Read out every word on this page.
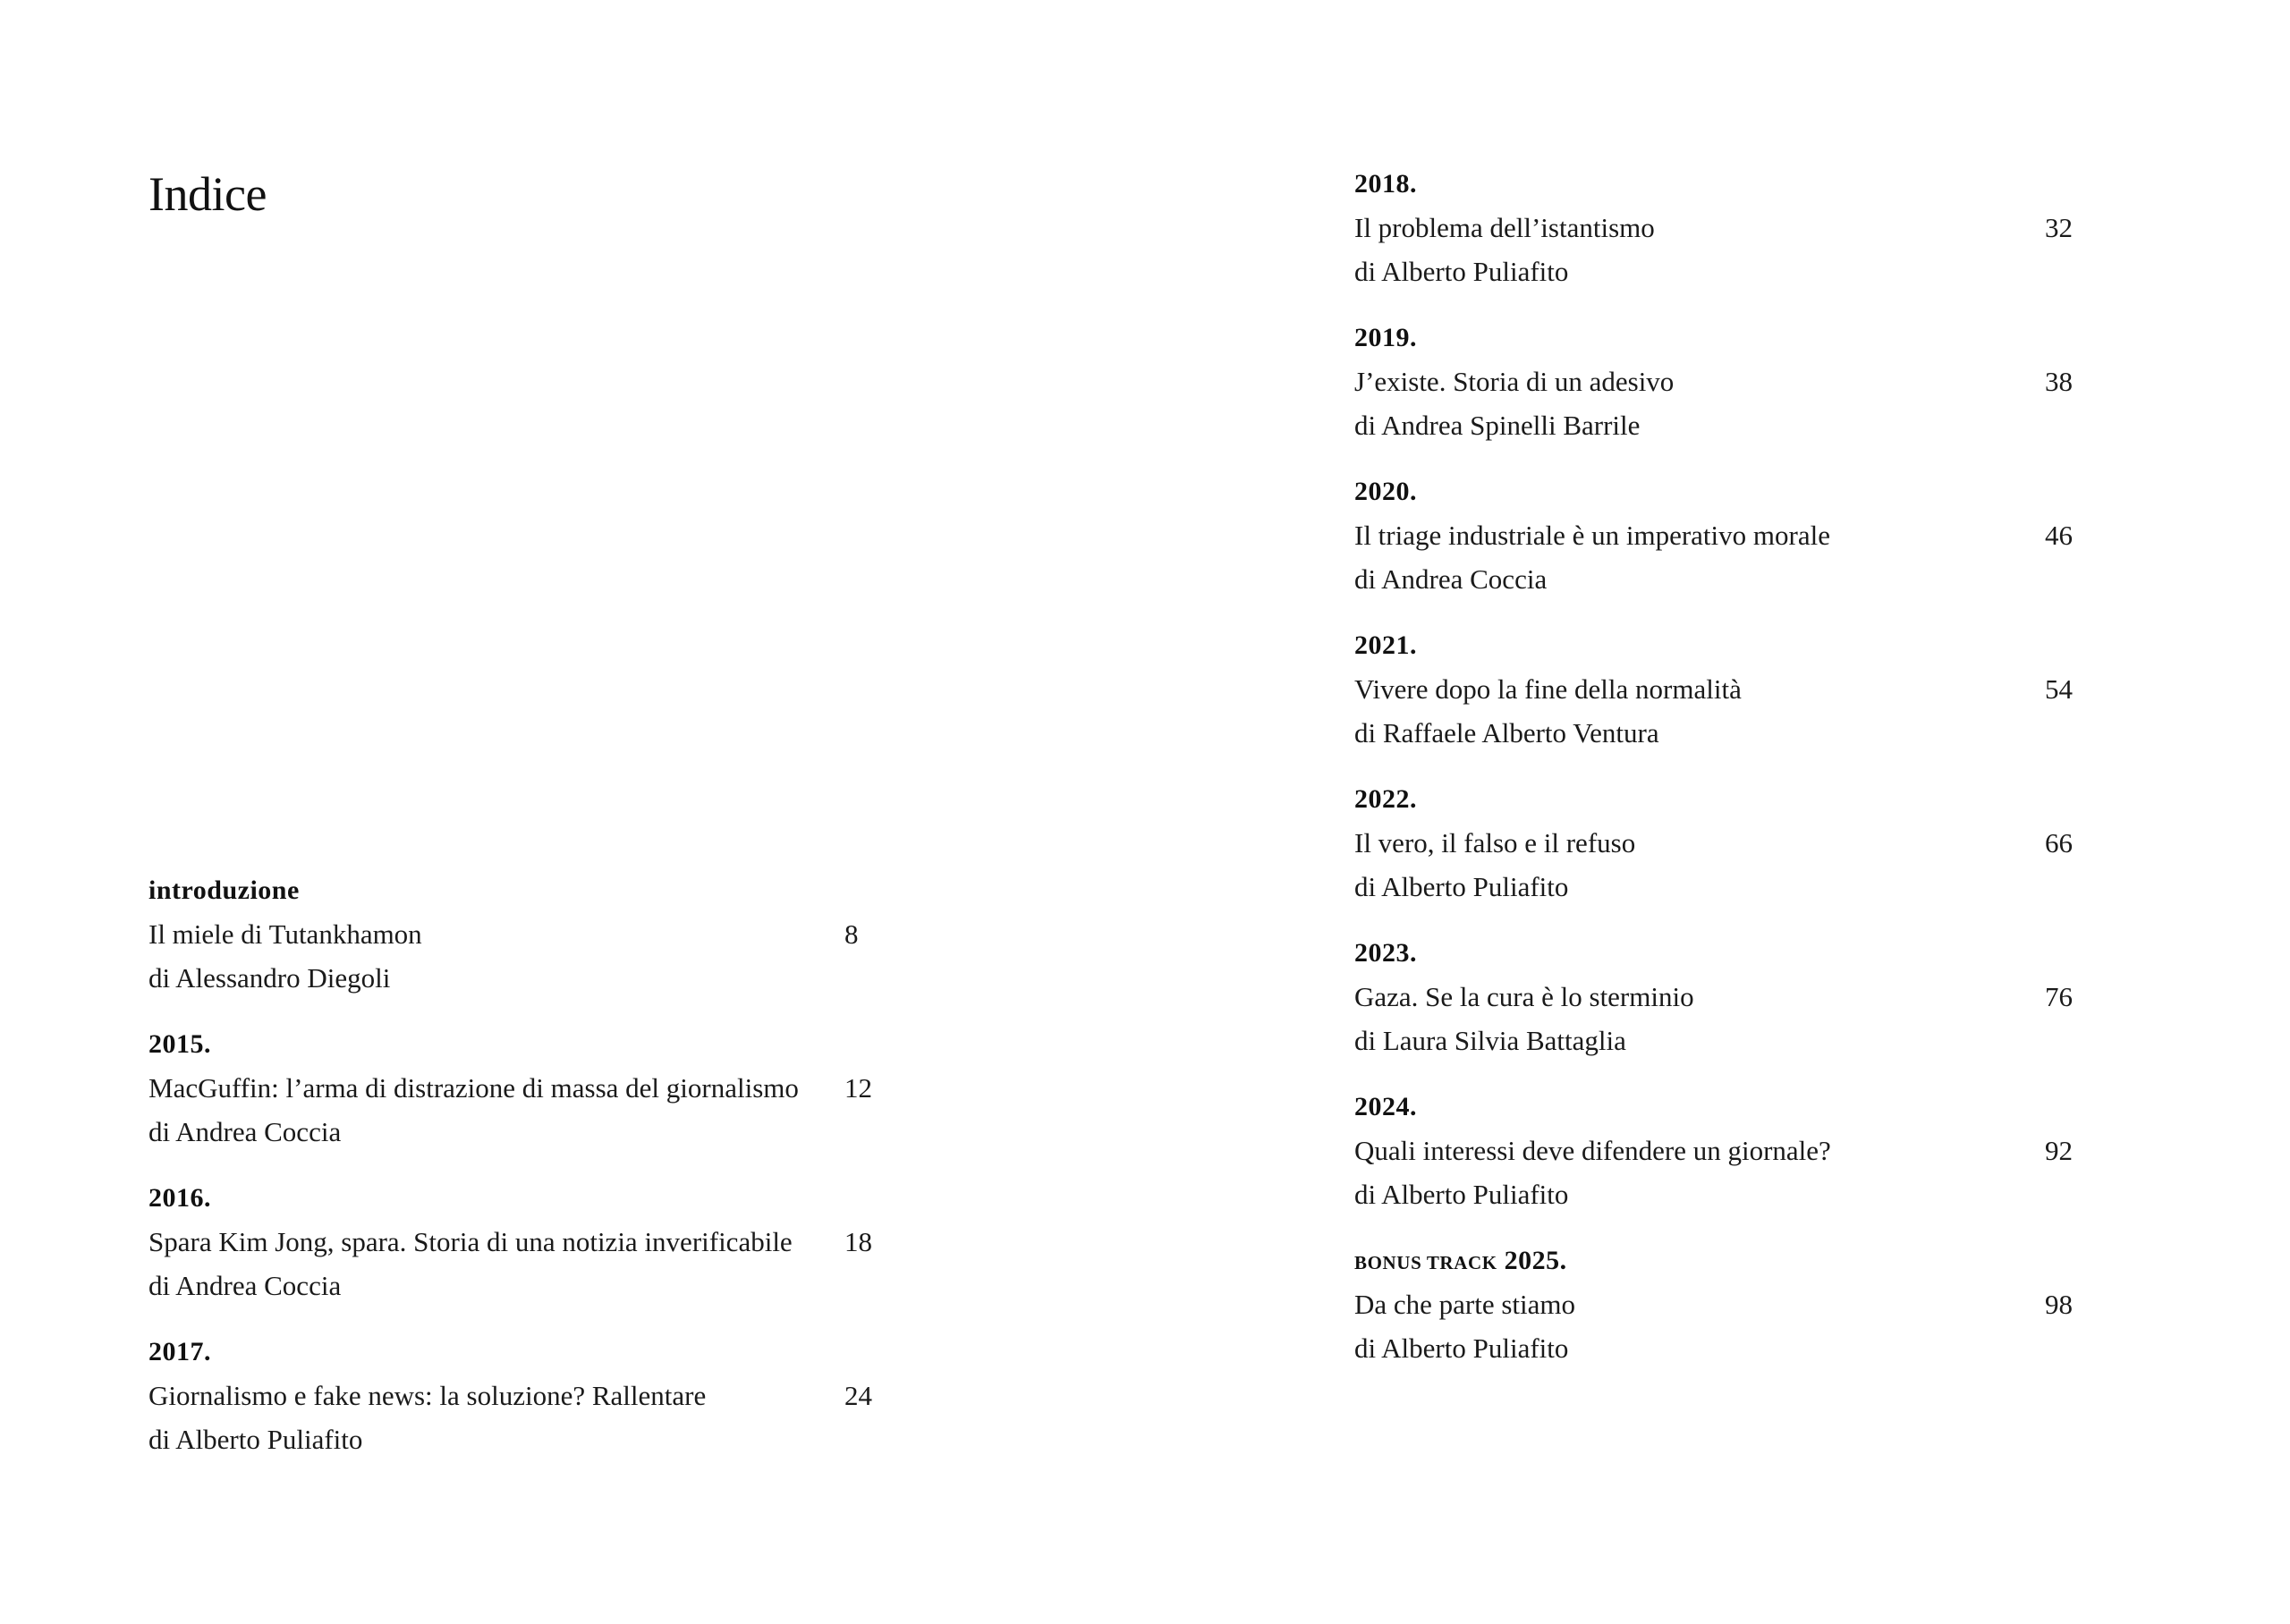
Indice
introduzione
Il miele di Tutankhamon
di Alessandro Diegoli
8
2015.
MacGuffin: l’arma di distrazione di massa del giornalismo
di Andrea Coccia
12
2016.
Spara Kim Jong, spara. Storia di una notizia inverificabile
di Andrea Coccia
18
2017.
Giornalismo e fake news: la soluzione? Rallentare
di Alberto Puliafito
24
2018.
Il problema dell’istantismo
di Alberto Puliafito
32
2019.
J’existe. Storia di un adesivo
di Andrea Spinelli Barrile
38
2020.
Il triage industriale è un imperativo morale
di Andrea Coccia
46
2021.
Vivere dopo la fine della normalità
di Raffaele Alberto Ventura
54
2022.
Il vero, il falso e il refuso
di Alberto Puliafito
66
2023.
Gaza. Se la cura è lo sterminio
di Laura Silvia Battaglia
76
2024.
Quali interessi deve difendere un giornale?
di Alberto Puliafito
92
BONUS TRACK 2025.
Da che parte stiamo
di Alberto Puliafito
98
